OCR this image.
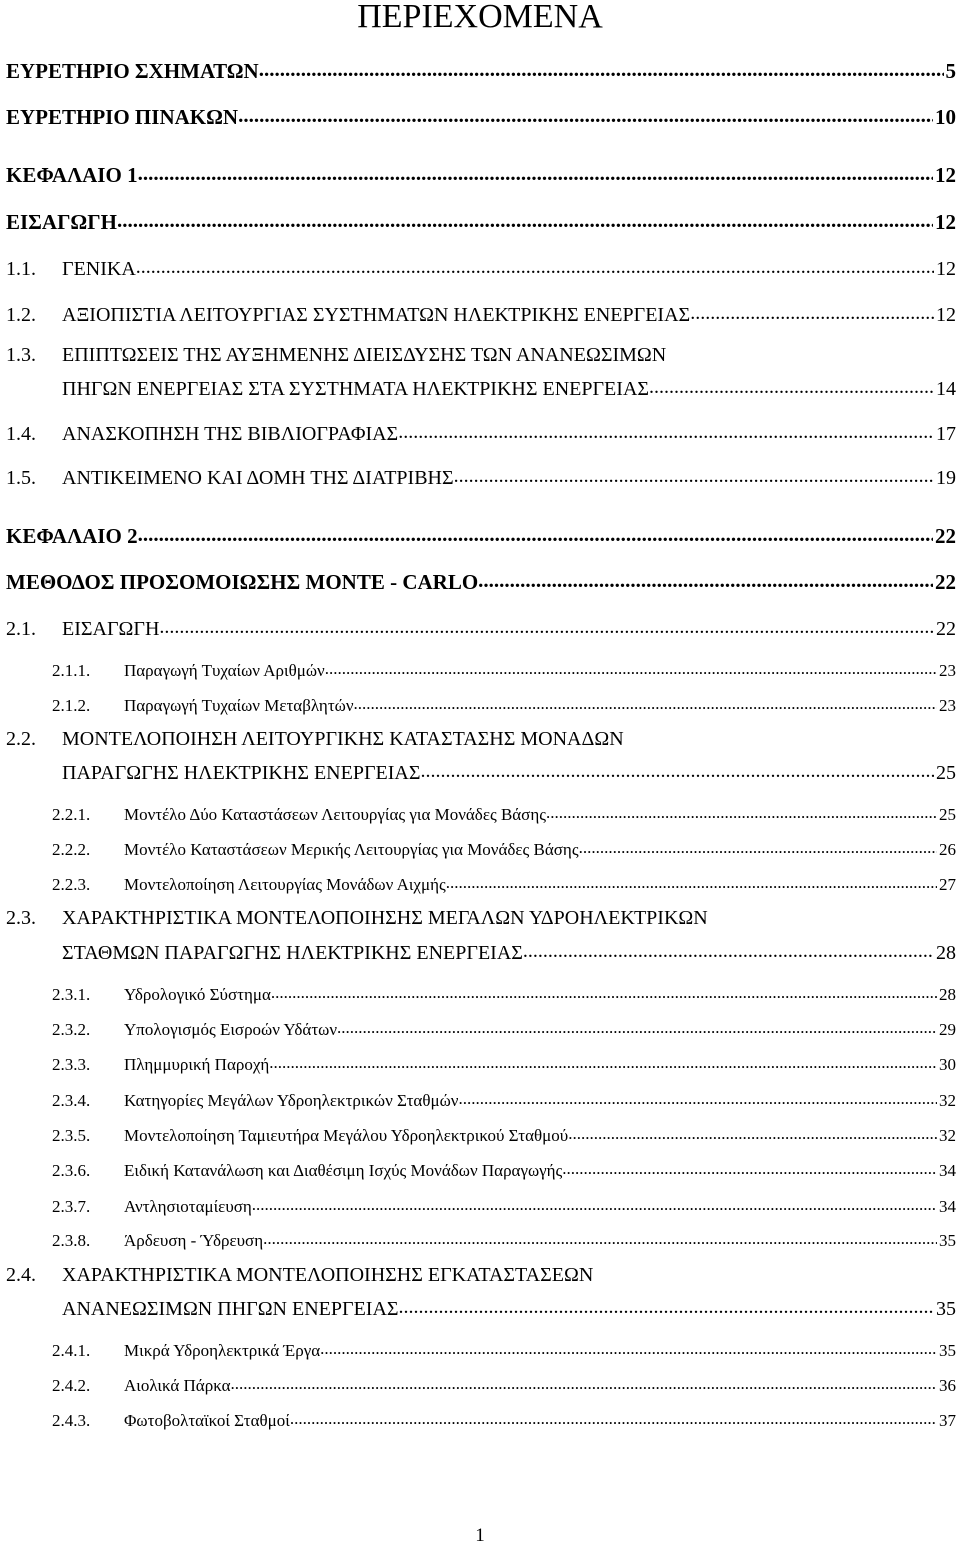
ΠΕΡΙΕΧΟΜΕΝΑ
ΕΥΡΕΤΗΡΙΟ ΣΧΗΜΑΤΩΝ .....	5
ΕΥΡΕΤΗΡΙΟ ΠΙΝΑΚΩΝ .....	10
ΚΕΦΑΛΑΙΟ 1 .....	12
ΕΙΣΑΓΩΓΗ .....	12
1.1.	ΓΕΝΙΚΑ .....	12
1.2.	ΑΞΙΟΠΙΣΤΙΑ ΛΕΙΤΟΥΡΓΙΑΣ ΣΥΣΤΗΜΑΤΩΝ ΗΛΕΚΤΡΙΚΗΣ ΕΝΕΡΓΕΙΑΣ .....	12
1.3. ΕΠΙΠΤΩΣΕΙΣ ΤΗΣ ΑΥΞΗΜΕΝΗΣ ΔΙΕΙΣΔΥΣΗΣ ΤΩΝ ΑΝΑΝΕΩΣΙΜΩΝ
ΠΗΓΩΝ ΕΝΕΡΓΕΙΑΣ ΣΤΑ ΣΥΣΤΗΜΑΤΑ ΗΛΕΚΤΡΙΚΗΣ ΕΝΕΡΓΕΙΑΣ .....	14
1.4.	ΑΝΑΣΚΟΠΗΣΗ ΤΗΣ ΒΙΒΛΙΟΓΡΑΦΙΑΣ .....	17
1.5.	ΑΝΤΙΚΕΙΜΕΝΟ ΚΑΙ ΔΟΜΗ ΤΗΣ ΔΙΑΤΡΙΒΗΣ .....	19
ΚΕΦΑΛΑΙΟ 2 .....	22
ΜΕΘΟΔΟΣ ΠΡΟΣΟΜΟΙΩΣΗΣ MONTE - CARLO .....	22
2.1.	ΕΙΣΑΓΩΓΗ .....	22
2.1.1.	Παραγωγή Τυχαίων Αριθμών .....	23
2.1.2.	Παραγωγή Τυχαίων Μεταβλητών .....	23
2.2. ΜΟΝΤΕΛΟΠΟΙΗΣΗ ΛΕΙΤΟΥΡΓΙΚΗΣ ΚΑΤΑΣΤΑΣΗΣ ΜΟΝΑΔΩΝ
ΠΑΡΑΓΩΓΗΣ ΗΛΕΚΤΡΙΚΗΣ ΕΝΕΡΓΕΙΑΣ .....	25
2.2.1.	Μοντέλο Δύο Καταστάσεων Λειτουργίας για Μονάδες Βάσης .....	25
2.2.2.	Μοντέλο Καταστάσεων Μερικής Λειτουργίας για Μονάδες Βάσης .....	26
2.2.3.	Μοντελοποίηση Λειτουργίας Μονάδων Αιχμής .....	27
2.3. ΧΑΡΑΚΤΗΡΙΣΤΙΚΑ ΜΟΝΤΕΛΟΠΟΙΗΣΗΣ ΜΕΓΑΛΩΝ ΥΔΡΟΗΛΕΚΤΡΙΚΩΝ
ΣΤΑΘΜΩΝ ΠΑΡΑΓΩΓΗΣ ΗΛΕΚΤΡΙΚΗΣ ΕΝΕΡΓΕΙΑΣ .....	28
2.3.1.	Υδρολογικό Σύστημα .....	28
2.3.2.	Υπολογισμός Εισροών Υδάτων .....	29
2.3.3.	Πλημμυρική Παροχή .....	30
2.3.4.	Κατηγορίες Μεγάλων Υδροηλεκτρικών Σταθμών .....	32
2.3.5.	Μοντελοποίηση Ταμιευτήρα Μεγάλου Υδροηλεκτρικού Σταθμού .....	32
2.3.6.	Ειδική Κατανάλωση και Διαθέσιμη Ισχύς Μονάδων Παραγωγής .....	34
2.3.7.	Αντλησιοταμίευση .....	34
2.3.8.	Άρδευση - Ύδρευση .....	35
2.4. ΧΑΡΑΚΤΗΡΙΣΤΙΚΑ ΜΟΝΤΕΛΟΠΟΙΗΣΗΣ ΕΓΚΑΤΑΣΤΑΣΕΩΝ
ΑΝΑΝΕΩΣΙΜΩΝ ΠΗΓΩΝ ΕΝΕΡΓΕΙΑΣ .....	35
2.4.1.	Μικρά Υδροηλεκτρικά Έργα .....	35
2.4.2.	Αιολικά Πάρκα .....	36
2.4.3.	Φωτοβολταϊκοί Σταθμοί .....	37
1
